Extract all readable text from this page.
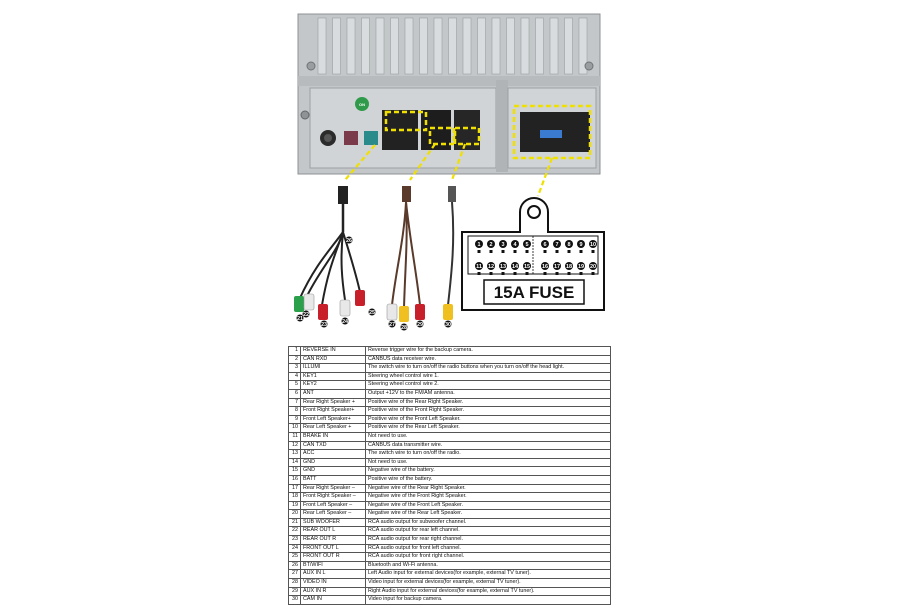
ON
26
22
23	24
25
27 28 29	30
21
1 2 3 4 5	6 7 8 9 10
11 12 13 14 15 16 17 18 19 20
15A FUSE
1	REVERSE IN	Reverse trigger wire for the backup camera.
2	CAN RXD	CANBUS data receiver wire.
3	ILLUMI	The switch wire to turn on/off the radio buttons when you turn on/off the head light.
4	KEY1	Steering wheel control wire 1.
5	KEY2	Steering wheel control wire 2.
6	ANT	Output +12V to the FM/AM antenna.
7	Rear Right Speaker +	Positive wire of the Rear Right Speaker.
8	Front Right Speaker+	Positive wire of the Front Right Speaker.
9	Front Left Speaker+	Positive wire of the Front Left Speaker.
10	Rear Left Speaker +	Positive wire of the Rear Left Speaker.
11	BRAKE IN	Not need to use.
12	CAN TXD	CANBUS data transmitter wire.
13	ACC	The switch wire to turn on/off the radio.
14	GND	Not need to use.
15	GND	Negative wire of the battery.
16	BATT	Positive wire of the battery.
17	Rear Right Speaker –	Negative wire of the Rear Right Speaker.
18	Front Right Speaker –	Negative wire of the Front Right Speaker.
19	Front Left Speaker –	Negative wire of the Front Left Speaker.
20	Rear Left Speaker –	Negative wire of the Rear Left Speaker.
21	SUB WOOFER	RCA audio output for subwoofer channel.
22	REAR OUT L	RCA audio output for rear left channel.
23	REAR OUT R	RCA audio output for rear right channel.
24	FRONT OUT L	RCA audio output for front left channel.
25	FRONT OUT R	RCA audio output for front right channel.
26	BT/WIFI	Bluetooth and Wi-Fi antenna.
27	AUX IN L	Left Audio input for external devices(for example, external TV tuner).
28	VIDEO IN	Video input for external devices(for example, external TV tuner).
29	AUX IN R	Right Audio input for external devices(for example, external TV tuner).
30	CAM IN	Video input for backup camera.
